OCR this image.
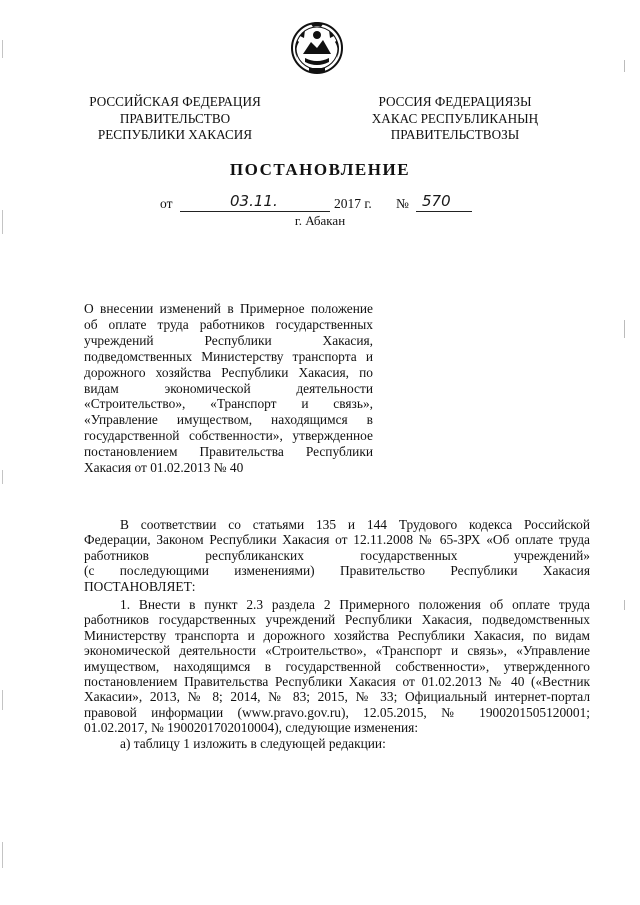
РОССИЙСКАЯ ФЕДЕРАЦИЯ
ПРАВИТЕЛЬСТВО
РЕСПУБЛИКИ ХАКАСИЯ
РОССИЯ ФЕДЕРАЦИЯЗЫ
ХАКАС РЕСПУБЛИКАНЫҢ
ПРАВИТЕЛЬСТВОЗЫ
ПОСТАНОВЛЕНИЕ
от	03.11.	2017 г. № 570
г. Абакан
О внесении изменений в Примерное положение
об оплате труда работников государственных
учреждений Республики Хакасия,
подведомственных Министерству транспорта и
дорожного хозяйства Республики Хакасия, по
видам экономической деятельности
«Строительство», «Транспорт и связь»,
«Управление имуществом, находящимся в
государственной собственности», утвержденное
постановлением Правительства Республики
Хакасия от 01.02.2013 № 40
В соответствии со статьями 135 и 144 Трудового кодекса Российской
Федерации, Законом Республики Хакасия от 12.11.2008 № 65-ЗРХ «Об оплате труда
работников республиканских государственных учреждений»
(с последующими изменениями) Правительство Республики Хакасия
ПОСТАНОВЛЯЕТ:
1. Внести в пункт 2.3 раздела 2 Примерного положения об оплате труда
работников государственных учреждений Республики Хакасия, подведомственных
Министерству транспорта и дорожного хозяйства Республики Хакасия, по видам
экономической деятельности «Строительство», «Транспорт и связь», «Управление
имуществом, находящимся в государственной собственности», утвержденного
постановлением Правительства Республики Хакасия от 01.02.2013 № 40 («Вестник
Хакасии», 2013, № 8; 2014, № 83; 2015, № 33; Официальный интернет-портал
правовой информации (www.pravo.gov.ru), 12.05.2015, № 1900201505120001;
01.02.2017, № 1900201702010004), следующие изменения:
а) таблицу 1 изложить в следующей редакции:
